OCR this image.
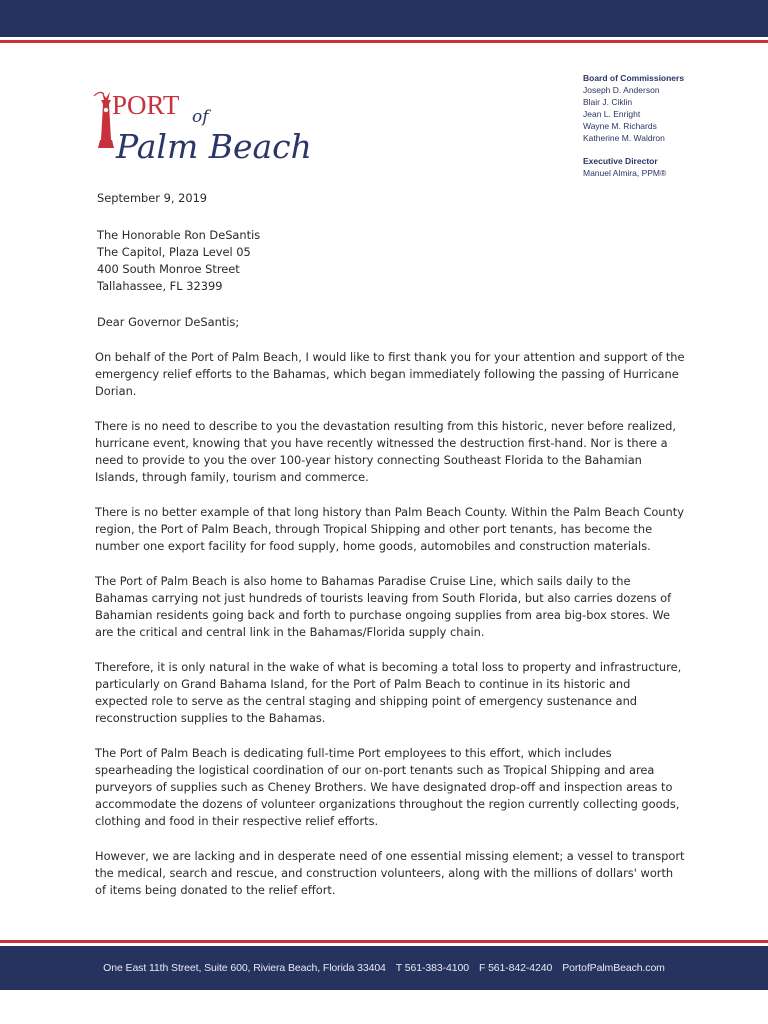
PORT of
Palm Beach
Board of Commissioners
Joseph D. Anderson
Blair J. Ciklin
Jean L. Enright
Wayne M. Richards
Katherine M. Waldron
Executive Director
Manuel Almira, PPM®
September 9, 2019
The Honorable Ron DeSantis
The Capitol, Plaza Level 05
400 South Monroe Street
Tallahassee, FL 32399
Dear Governor DeSantis;

On behalf of the Port of Palm Beach, I would like to first thank you for your attention and support of the emergency relief efforts to the Bahamas, which began immediately following the passing of Hurricane Dorian.

There is no need to describe to you the devastation resulting from this historic, never before realized, hurricane event, knowing that you have recently witnessed the destruction first-hand. Nor is there a need to provide to you the over 100-year history connecting Southeast Florida to the Bahamian Islands, through family, tourism and commerce.

There is no better example of that long history than Palm Beach County. Within the Palm Beach County region, the Port of Palm Beach, through Tropical Shipping and other port tenants, has become the number one export facility for food supply, home goods, automobiles and construction materials.

The Port of Palm Beach is also home to Bahamas Paradise Cruise Line, which sails daily to the Bahamas carrying not just hundreds of tourists leaving from South Florida, but also carries dozens of Bahamian residents going back and forth to purchase ongoing supplies from area big-box stores. We are the critical and central link in the Bahamas/Florida supply chain.

Therefore, it is only natural in the wake of what is becoming a total loss to property and infrastructure, particularly on Grand Bahama Island, for the Port of Palm Beach to continue in its historic and expected role to serve as the central staging and shipping point of emergency sustenance and reconstruction supplies to the Bahamas.

The Port of Palm Beach is dedicating full-time Port employees to this effort, which includes spearheading the logistical coordination of our on-port tenants such as Tropical Shipping and area purveyors of supplies such as Cheney Brothers. We have designated drop-off and inspection areas to accommodate the dozens of volunteer organizations throughout the region currently collecting goods, clothing and food in their respective relief efforts.

However, we are lacking and in desperate need of one essential missing element; a vessel to transport the medical, search and rescue, and construction volunteers, along with the millions of dollars' worth of items being donated to the relief effort.

One East 11th Street, Suite 600, Riviera Beach, Florida 33404 T 561-383-4100 F 561-842-4240 PortofPalmBeach.com
